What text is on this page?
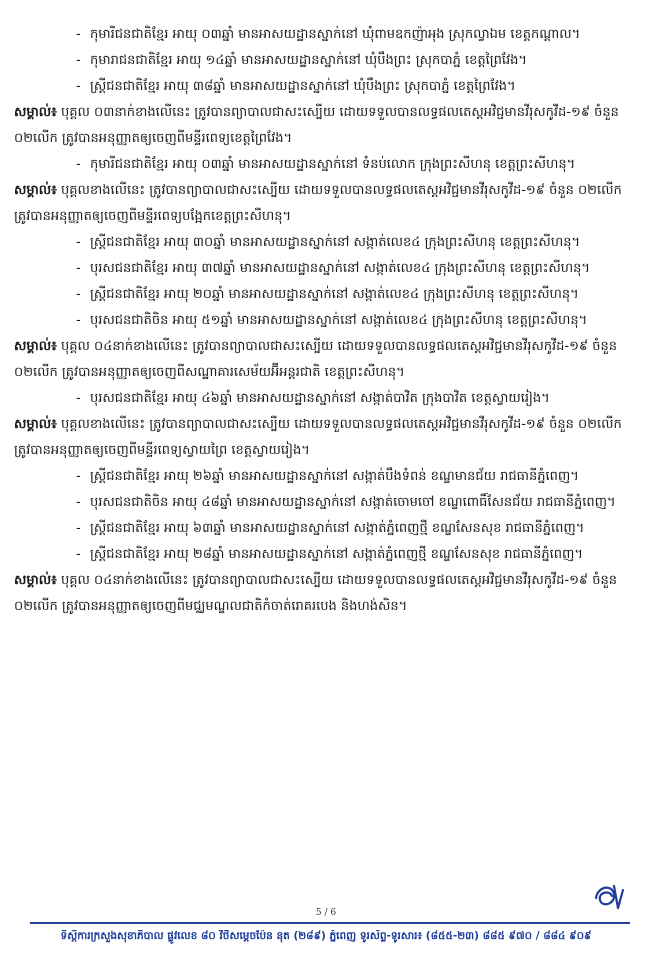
- កុមារីជនជាតិខ្មែរ អាយុ ០៣ឆ្នាំ មានអាសយដ្ឋានស្នាក់នៅ ឃុំពាមឧកញ៉ាអុង ស្រុកល្វាឯម ខេត្តកណ្តាល។
- កុមារាជនជាតិខ្មែរ អាយុ ១៤ឆ្នាំ មានអាសយដ្ឋានស្នាក់នៅ ឃុំបឹងព្រះ ស្រុកបាភ្នំ ខេត្តព្រៃវែង។
- ស្ត្រីជនជាតិខ្មែរ អាយុ ៣៨ឆ្នាំ មានអាសយដ្ឋានស្នាក់នៅ ឃុំបឹងព្រះ ស្រុកបាភ្នំ ខេត្តព្រៃវែង។
សម្គាល់៖ បុគ្គល ០៣នាក់ខាងលើនេះ ត្រូវបានព្យាបាលជាសះស្បើយ ដោយទទួលបានលទ្ធផលតេស្តអវិជ្ជមានវីរុសកូវីដ-១៩ ចំនួន ០២លើក ត្រូវបានអនុញ្ញាតឲ្យចេញពីមន្ទីរពេទ្យខេត្តព្រៃវែង។
- កុមារីជនជាតិខ្មែរ អាយុ ០៣ឆ្នាំ មានអាសយដ្ឋានស្នាក់នៅ ទំនប់លោក ក្រុងព្រះសីហនុ ខេត្តព្រះសីហនុ។
សម្គាល់៖ បុគ្គលខាងលើនេះ ត្រូវបានព្យាបាលជាសះស្បើយ ដោយទទួលបានលទ្ធផលតេស្តអវិជ្ជមានវីរុសកូវីដ-១៩ ចំនួន ០២លើក ត្រូវបានអនុញ្ញាតឲ្យចេញពីមន្ទីរពេទ្យបង្អែកខេត្តព្រះសីហនុ។
- ស្ត្រីជនជាតិខ្មែរ អាយុ ៣០ឆ្នាំ មានអាសយដ្ឋានស្នាក់នៅ សង្កាត់លេខ៤ ក្រុងព្រះសីហនុ ខេត្តព្រះសីហនុ។
- បុរសជនជាតិខ្មែរ អាយុ ៣៧ឆ្នាំ មានអាសយដ្ឋានស្នាក់នៅ សង្កាត់លេខ៤ ក្រុងព្រះសីហនុ ខេត្តព្រះសីហនុ។
- ស្ត្រីជនជាតិខ្មែរ អាយុ ២០ឆ្នាំ មានអាសយដ្ឋានស្នាក់នៅ សង្កាត់លេខ៤ ក្រុងព្រះសីហនុ ខេត្តព្រះសីហនុ។
- បុរសជនជាតិចិន អាយុ ៥១ឆ្នាំ មានអាសយដ្ឋានស្នាក់នៅ សង្កាត់លេខ៤ ក្រុងព្រះសីហនុ ខេត្តព្រះសីហនុ។
សម្គាល់៖ បុគ្គល ០៤នាក់ខាងលើនេះ ត្រូវបានព្យាបាលជាសះស្បើយ ដោយទទួលបានលទ្ធផលតេស្តអវិជ្ជមានវីរុសកូវីដ-១៩ ចំនួន ០២លើក ត្រូវបានអនុញ្ញាតឲ្យចេញពីសណ្ឋាគារសេម័យអ៊ីអន្តរជាតិ ខេត្តព្រះសីហនុ។
- បុរសជនជាតិខ្មែរ អាយុ ៤៦ឆ្នាំ មានអាសយដ្ឋានស្នាក់នៅ សង្កាត់បាវិត ក្រុងបាវិត ខេត្តស្វាយរៀង។
សម្គាល់៖ បុគ្គលខាងលើនេះ ត្រូវបានព្យាបាលជាសះស្បើយ ដោយទទួលបានលទ្ធផលតេស្តអវិជ្ជមានវីរុសកូវីដ-១៩ ចំនួន ០២លើក ត្រូវបានអនុញ្ញាតឲ្យចេញពីមន្ទីរពេទ្យស្វាយព្រៃ ខេត្តស្វាយរៀង។
- ស្ត្រីជនជាតិខ្មែរ អាយុ ២៦ឆ្នាំ មានអាសយដ្ឋានស្នាក់នៅ សង្កាត់បឹងទំពន់ ខណ្ឌមានជ័យ រាជធានីភ្នំពេញ។
- បុរសជនជាតិចិន អាយុ ៤៨ឆ្នាំ មានអាសយដ្ឋានស្នាក់នៅ សង្កាត់ចោមចៅ ខណ្ឌពោធិ៍សែនជ័យ រាជធានីភ្នំពេញ។
- ស្ត្រីជនជាតិខ្មែរ អាយុ ៦៣ឆ្នាំ មានអាសយដ្ឋានស្នាក់នៅ សង្កាត់ភ្នំពេញថ្មី ខណ្ឌសែនសុខ រាជធានីភ្នំពេញ។
- ស្ត្រីជនជាតិខ្មែរ អាយុ ២៨ឆ្នាំ មានអាសយដ្ឋានស្នាក់នៅ សង្កាត់ភ្នំពេញថ្មី ខណ្ឌសែនសុខ រាជធានីភ្នំពេញ។
សម្គាល់៖ បុគ្គល ០៤នាក់ខាងលើនេះ ត្រូវបានព្យាបាលជាសះស្បើយ ដោយទទួលបានលទ្ធផលតេស្តអវិជ្ជមានវីរុសកូវីដ-១៩ ចំនួន ០២លើក ត្រូវបានអនុញ្ញាតឲ្យចេញពីមជ្ឈមណ្ឌលជាតិកំចាត់រោគរបេង និងហង់សិន។
5 / 6
ទីស្តីការក្រសួងសុខាភិបាល ផ្លូវលេខ ៨០ វិថីសម្តេចប៉ែន នុត (២៨៩) ភ្នំពេញ ទូរស័ព្ទ-ទូរសារ៖ (៨៥៥-២៣) ៨៨៥ ៩៧០ / ៨៨៤ ៩០៩
